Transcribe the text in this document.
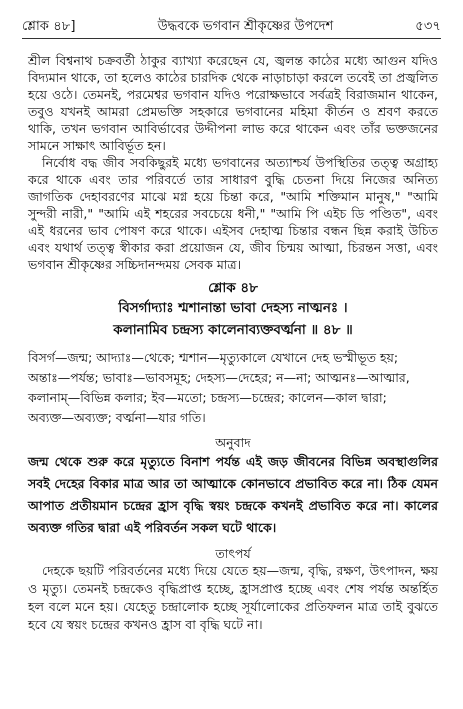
শ্লোক ৪৮]	উদ্ধবকে ভগবান শ্রীকৃষ্ণের উপদেশ	৫৩৭

শ্রীল বিশ্বনাথ চক্রবর্তী ঠাকুর ব্যাখ্যা করেছেন যে, জ্বলন্ত কাঠের মধ্যে আগুন যদিও বিদ্যমান থাকে, তা হলেও কাঠের চারদিক থেকে নাড়াচাড়া করলে তবেই তা প্রজ্বলিত হয়ে ওঠে। তেমনই, পরমেশ্বর ভগবান যদিও পরোক্ষভাবে সর্বত্রই বিরাজমান থাকেন, তবুও যখনই আমরা প্রেমভক্তি সহকারে ভগবানের মহিমা কীর্তন ও শ্রবণ করতে থাকি, তখন ভগবান আবির্ভাবের উদ্দীপনা লাভ করে থাকেন এবং তাঁর ভক্তজনের সামনে সাক্ষাৎ আবির্ভূত হন।

নির্বোধ বদ্ধ জীব সবকিছুরই মধ্যে ভগবানের অত্যাশ্চর্য উপস্থিতির তত্ত্ব অগ্রাহ্য করে থাকে এবং তার পরিবর্তে তার সাধারণ বুদ্ধি চেতনা দিয়ে নিজের অনিত্য জাগতিক দেহাবরণের মাঝে মগ্ন হয়ে চিন্তা করে, "আমি শক্তিমান মানুষ," "আমি সুন্দরী নারী," "আমি এই শহরের সবচেয়ে ধনী," "আমি পি এইচ ডি পণ্ডিত", এবং এই ধরনের ভাব পোষণ করে থাকে। এইসব দেহাত্ম চিন্তার বন্ধন ছিন্ন করাই উচিত এবং যথার্থ তত্ত্ব স্বীকার করা প্রয়োজন যে, জীব চিন্ময় আত্মা, চিরন্তন সত্তা, এবং ভগবান শ্রীকৃষ্ণের সচ্চিদানন্দময় সেবক মাত্র।

শ্লোক ৪৮
বিসর্গাদ্যাঃ শ্মশানান্তা ভাবা দেহস্য নাত্মনঃ ।
কলানামিব চন্দ্রস্য কালেনাব্যক্তবর্ত্মনা ॥ ৪৮ ॥
বিসর্গ—জন্ম; আদ্যাঃ—থেকে; শ্মশান—মৃত্যুকালে যেখানে দেহ ভস্মীভূত হয়;
অন্তাঃ—পর্যন্ত; ভাবাঃ—ভাবসমূহ; দেহস্য—দেহের; ন—না; আত্মনঃ—আত্মার,
কলানাম্—বিভিন্ন কলার; ইব—মতো; চন্দ্রস্য—চন্দ্রের; কালেন—কাল দ্বারা;
অব্যক্ত—অব্যক্ত; বর্ত্মনা—যার গতি।
অনুবাদ

জন্ম থেকে শুরু করে মৃত্যুতে বিনাশ পর্যন্ত এই জড় জীবনের বিভিন্ন অবস্থাগুলির সবই দেহের বিকার মাত্র আর তা আত্মাকে কোনভাবে প্রভাবিত করে না। ঠিক যেমন আপাত প্রতীয়মান চন্দ্রের হ্রাস বৃদ্ধি স্বয়ং চন্দ্রকে কখনই প্রভাবিত করে না। কালের অব্যক্ত গতির দ্বারা এই পরিবর্তন সকল ঘটে থাকে।

তাৎপর্য

দেহকে ছয়টি পরিবর্তনের মধ্যে দিয়ে যেতে হয়—জন্ম, বৃদ্ধি, রক্ষণ, উৎপাদন, ক্ষয় ও মৃত্যু। তেমনই চন্দ্রকেও বৃদ্ধিপ্রাপ্ত হচ্ছে, হ্রাসপ্রাপ্ত হচ্ছে এবং শেষ পর্যন্ত অন্তর্হিত হল বলে মনে হয়। যেহেতু চন্দ্রালোক হচ্ছে সূর্যালোকের প্রতিফলন মাত্র তাই বুঝতে হবে যে স্বয়ং চন্দ্রের কখনও হ্রাস বা বৃদ্ধি ঘটে না।
